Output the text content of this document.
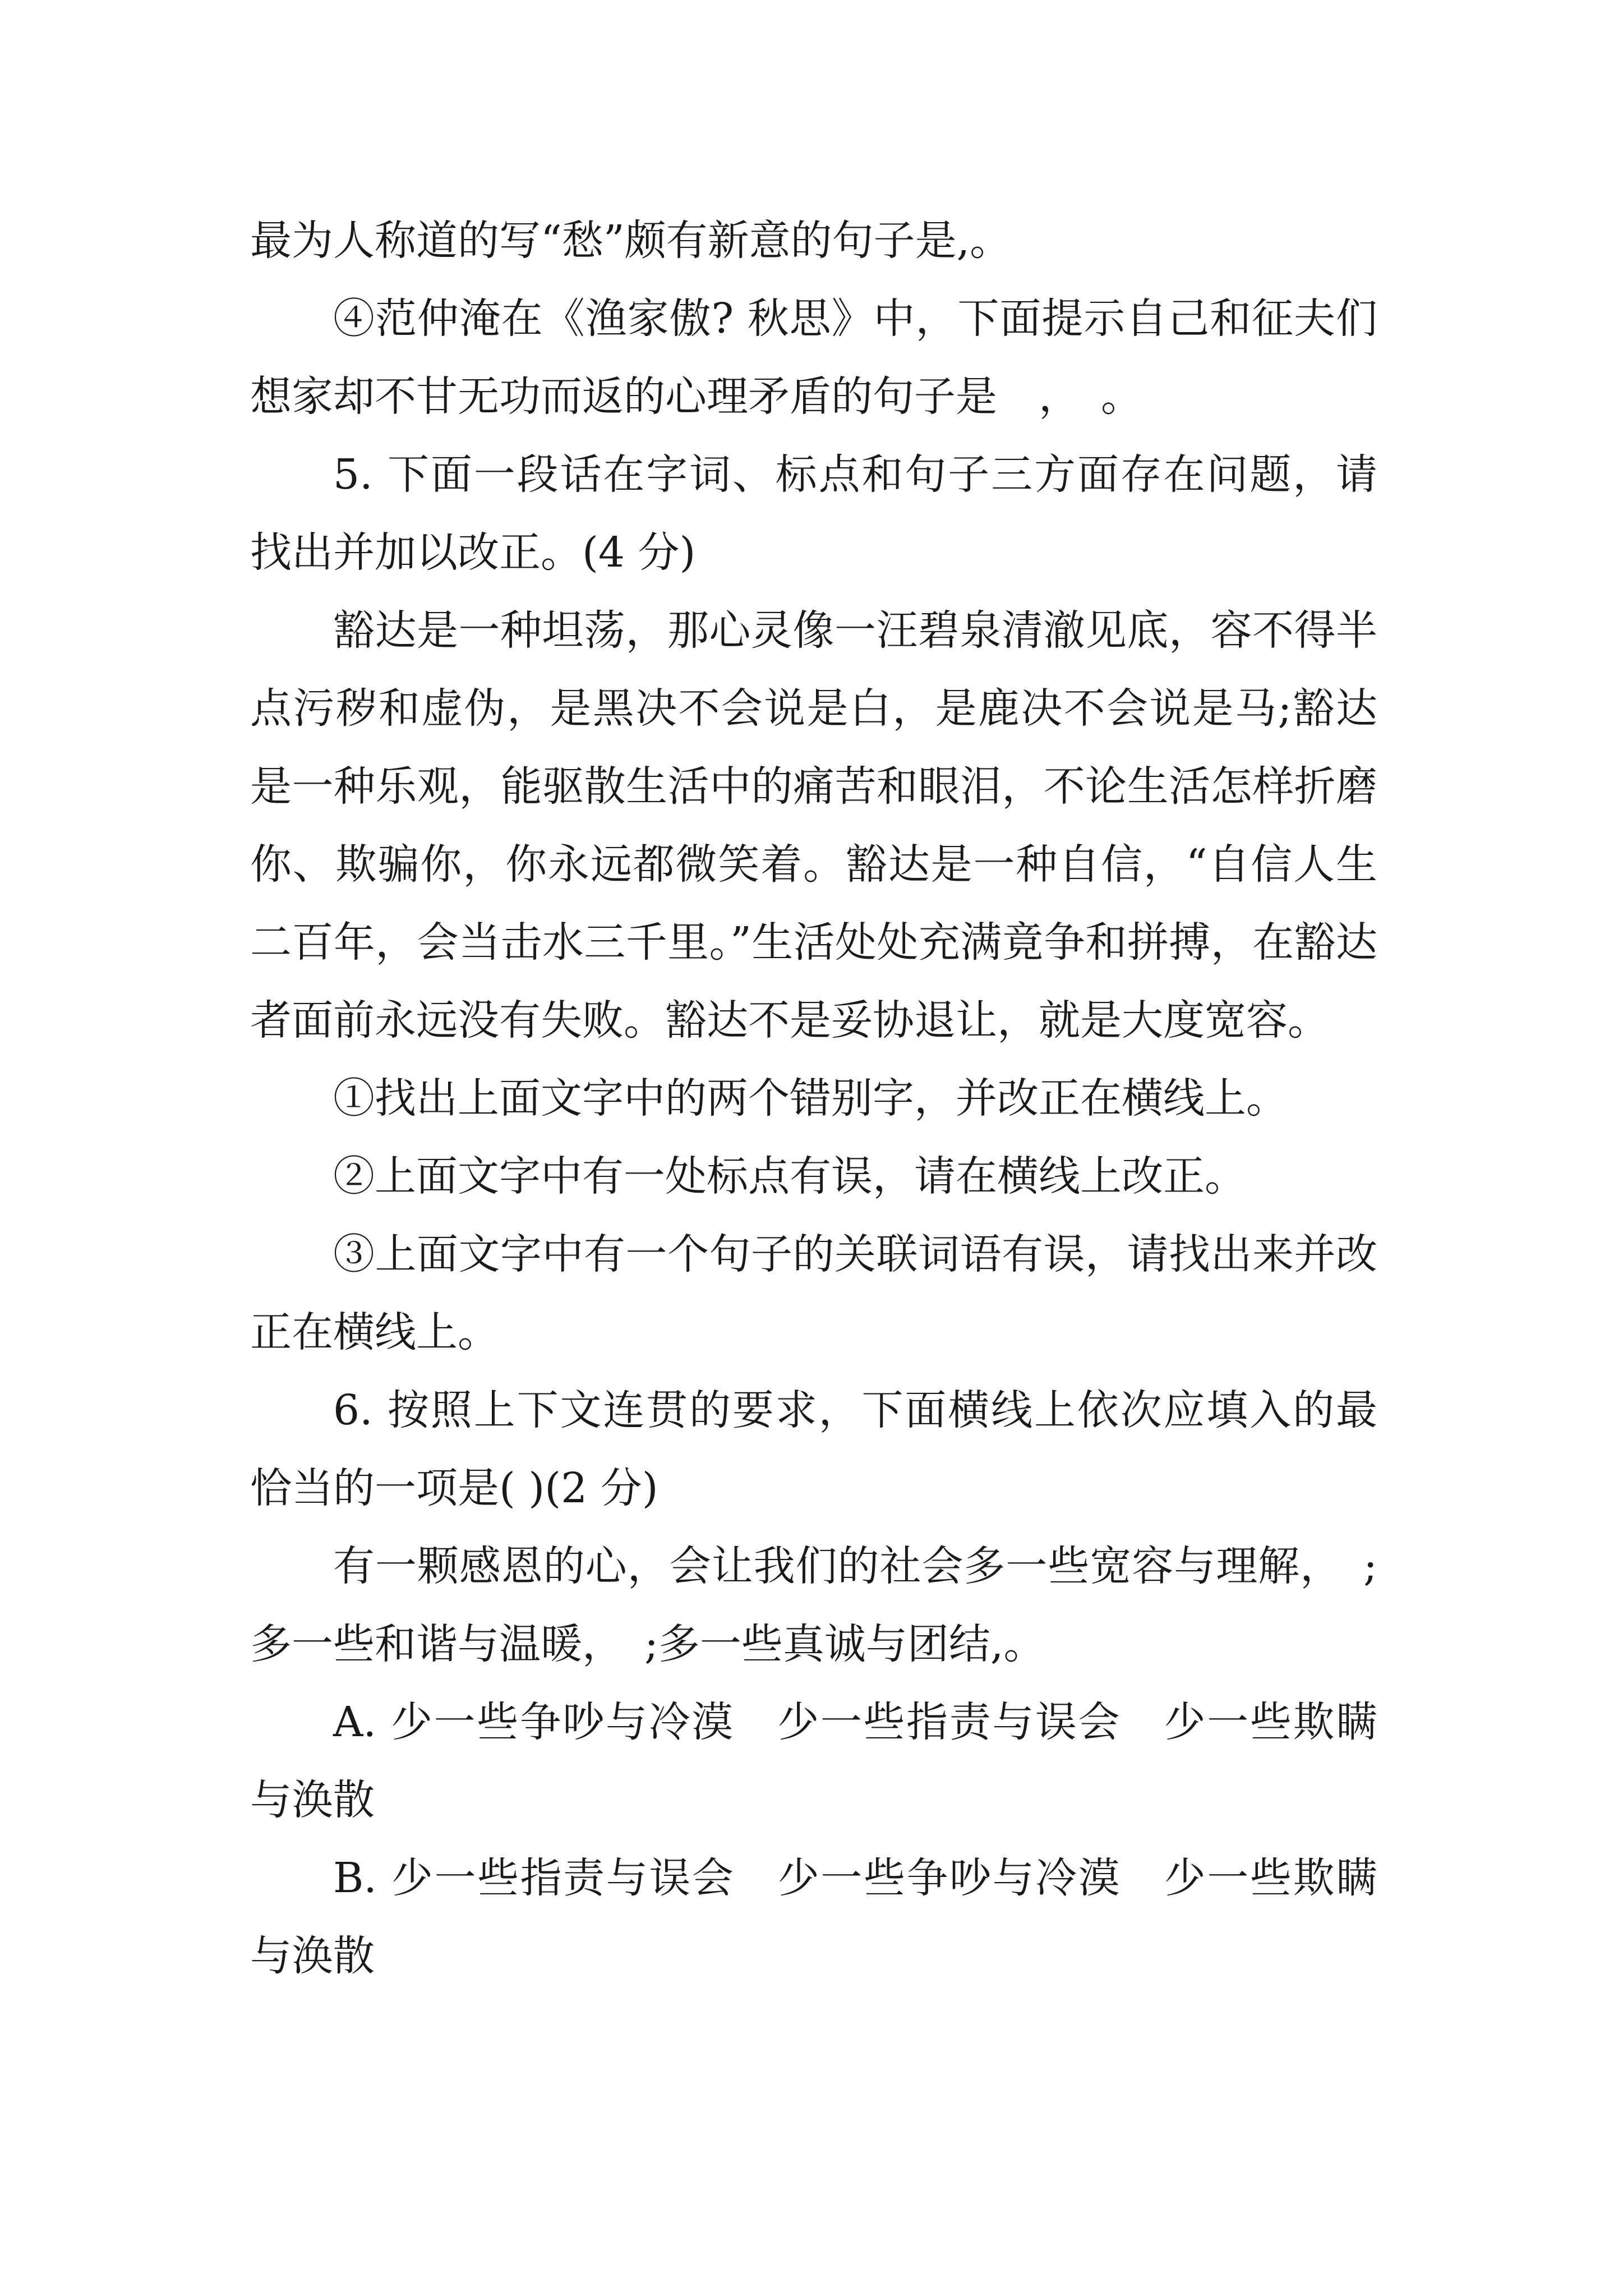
最为人称道的写“愁”颇有新意的句子是,。

④范仲淹在《渔家傲? 秋思》中，下面提示自己和征夫们想家却不甘无功而返的心理矛盾的句子是　，　。

5. 下面一段话在字词、标点和句子三方面存在问题，请找出并加以改正。(4 分)

豁达是一种坦荡，那心灵像一汪碧泉清澈见底，容不得半点污秽和虚伪，是黑决不会说是白，是鹿决不会说是马;豁达是一种乐观，能驱散生活中的痛苦和眼泪，不论生活怎样折磨你、欺骗你，你永远都微笑着。豁达是一种自信，“自信人生二百年，会当击水三千里。”生活处处充满竟争和拼搏，在豁达者面前永远没有失败。豁达不是妥协退让，就是大度宽容。

①找出上面文字中的两个错别字，并改正在横线上。

②上面文字中有一处标点有误，请在横线上改正。

③上面文字中有一个句子的关联词语有误，请找出来并改正在横线上。

6. 按照上下文连贯的要求，下面横线上依次应填入的最恰当的一项是( )(2 分)

有一颗感恩的心，会让我们的社会多一些宽容与理解，　;多一些和谐与温暖，　;多一些真诚与团结,。

A. 少一些争吵与冷漠　少一些指责与误会　少一些欺瞒与涣散

B. 少一些指责与误会　少一些争吵与冷漠　少一些欺瞒与涣散
